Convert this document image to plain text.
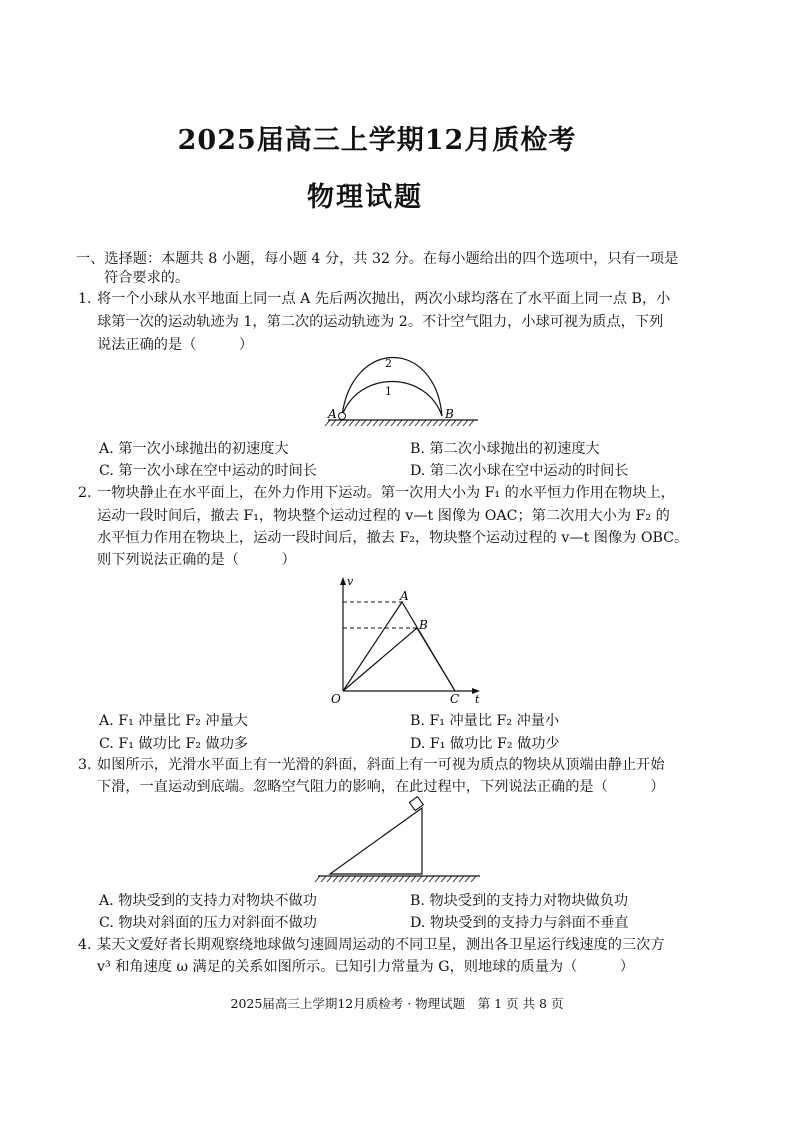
2025届高三上学期12月质检考
物理试题
一、选择题：本题共 8 小题，每小题 4 分，共 32 分。在每小题给出的四个选项中，只有一项是
符合要求的。
1. 将一个小球从水平地面上同一点 A 先后两次抛出，两次小球均落在了水平面上同一点 B，小
球第一次的运动轨迹为 1，第二次的运动轨迹为 2。不计空气阻力，小球可视为质点，下列
说法正确的是（　　　）
A	B
2
1
A. 第一次小球抛出的初速度大	B. 第二次小球抛出的初速度大
C. 第一次小球在空中运动的时间长	D. 第二次小球在空中运动的时间长
2. 一物块静止在水平面上，在外力作用下运动。第一次用大小为 F₁ 的水平恒力作用在物块上，
运动一段时间后，撤去 F₁，物块整个运动过程的 v—t 图像为 OAC；第二次用大小为 F₂ 的
水平恒力作用在物块上，运动一段时间后，撤去 F₂，物块整个运动过程的 v—t 图像为 OBC。
则下列说法正确的是（　　　）
v
t
O
A
B
C
A. F₁ 冲量比 F₂ 冲量大	B. F₁ 冲量比 F₂ 冲量小
C. F₁ 做功比 F₂ 做功多	D. F₁ 做功比 F₂ 做功少
3. 如图所示，光滑水平面上有一光滑的斜面，斜面上有一可视为质点的物块从顶端由静止开始
下滑，一直运动到底端。忽略空气阻力的影响，在此过程中，下列说法正确的是（　　　）
A. 物块受到的支持力对物块不做功	B. 物块受到的支持力对物块做负功
C. 物块对斜面的压力对斜面不做功	D. 物块受到的支持力与斜面不垂直
4. 某天文爱好者长期观察绕地球做匀速圆周运动的不同卫星，测出各卫星运行线速度的三次方
v³ 和角速度 ω 满足的关系如图所示。已知引力常量为 G，则地球的质量为（　　　）
2025届高三上学期12月质检考 · 物理试题　第 1 页 共 8 页
